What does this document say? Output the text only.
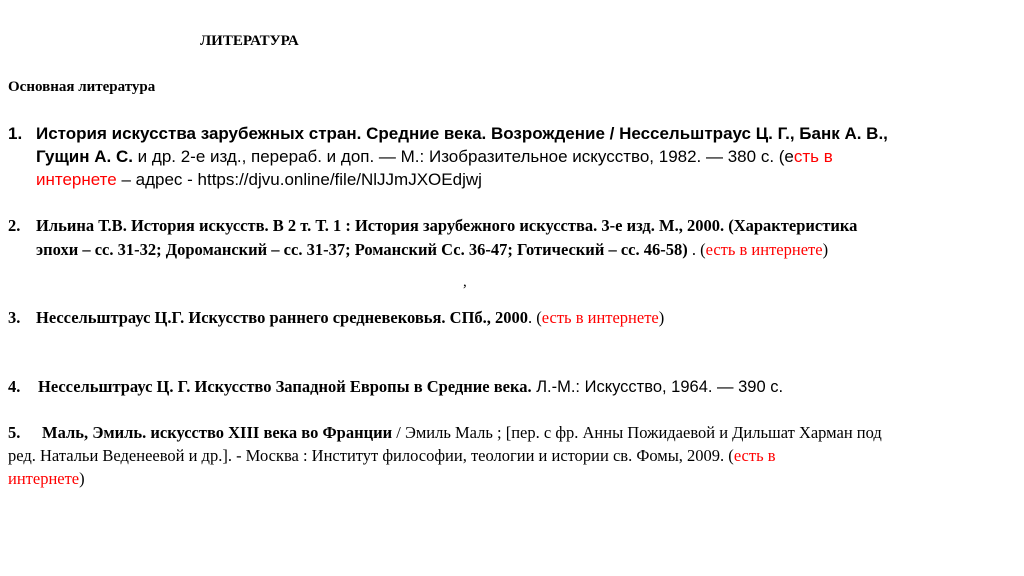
ЛИТЕРАТУРА
Основная литература
1. История искусства зарубежных стран. Средние века. Возрождение / Нессельштраус Ц. Г., Банк А. В.,
Гущин А. С. и др. 2-е изд., перераб. и доп. — М.: Изобразительное искусство, 1982. — 380 с. (есть в
интернете – адрес - https://djvu.online/file/NlJJmJXOEdjwj
2. Ильина Т.В. История искусств. В 2 т. Т. 1 : История зарубежного искусства. 3-е изд. М., 2000. (Характеристика
эпохи – сс. 31-32; Дороманский – сс. 31-37; Романский Сс. 36-47; Готический – сс. 46-58) . (есть в интернете)
,
3. Нессельштраус Ц.Г. Искусство раннего средневековья. СПб., 2000. (есть в интернете)
4. Нессельштраус Ц. Г. Искусство Западной Европы в Средние века. Л.-М.: Искусство, 1964. — 390 с.
5. Маль, Эмиль. искусство XIII века во Франции / Эмиль Маль ; [пер. с фр. Анны Пожидаевой и Дильшат Харман под
ред. Натальи Веденеевой и др.]. - Москва : Институт философии, теологии и истории св. Фомы, 2009. (есть в
интернете)
